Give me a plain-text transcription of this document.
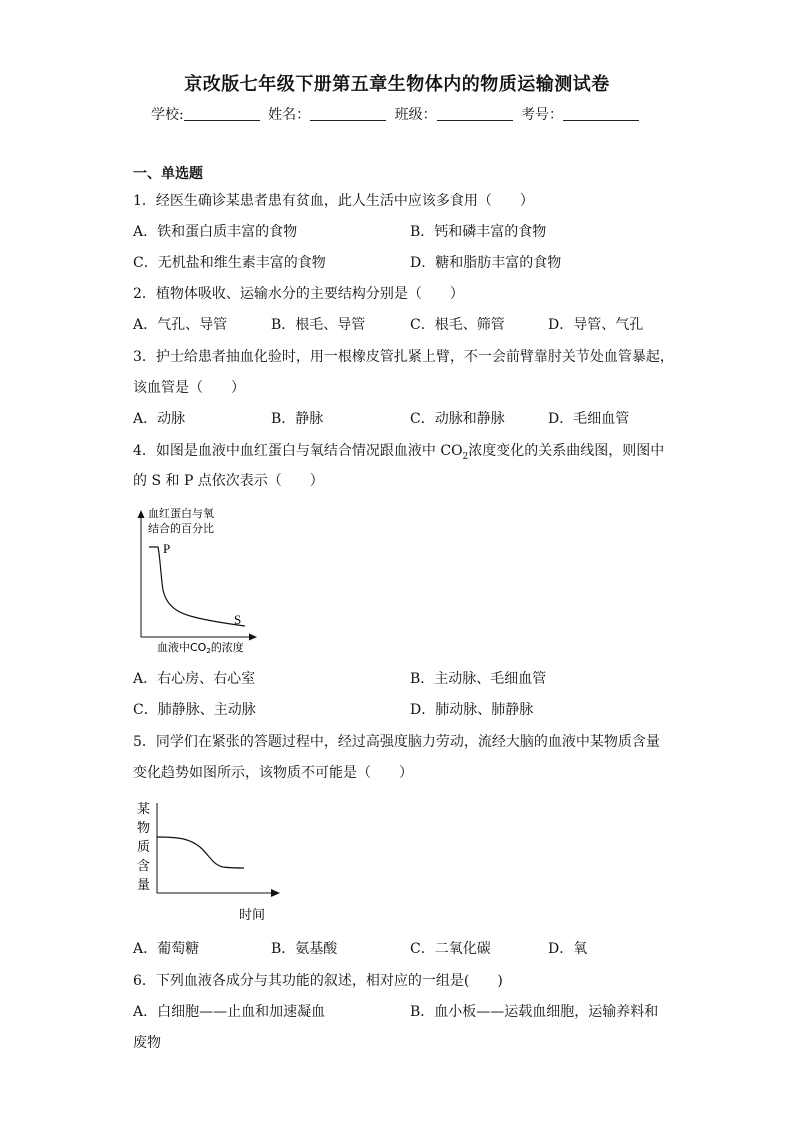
京改版七年级下册第五章生物体内的物质运输测试卷
学校:	姓名：	班级：	考号：
一、单选题
1．经医生确诊某患者患有贫血，此人生活中应该多食用（　　）
A．铁和蛋白质丰富的食物	B．钙和磷丰富的食物
C．无机盐和维生素丰富的食物	D．糖和脂肪丰富的食物
2．植物体吸收、运输水分的主要结构分别是（　　）
A．气孔、导管	B．根毛、导管	C．根毛、筛管	D．导管、气孔
3．护士给患者抽血化验时，用一根橡皮管扎紧上臂，不一会前臂靠肘关节处血管暴起，
该血管是（　　）
A．动脉	B．静脉	C．动脉和静脉	D．毛细血管
4．如图是血液中血红蛋白与氧结合情况跟血液中 $CO_2$浓度变化的关系曲线图，则图中
的 S 和 P 点依次表示（　　）
血红蛋白与氧
结合的百分比
P
S
血液中CO2的浓度
A．右心房、右心室	B．主动脉、毛细血管
C．肺静脉、主动脉	D．肺动脉、肺静脉
5．同学们在紧张的答题过程中，经过高强度脑力劳动，流经大脑的血液中某物质含量
变化趋势如图所示，该物质不可能是（　　）
某
物
质
含
量
时间
A．葡萄糖	B．氨基酸	C．二氧化碳	D．氧
6．下列血液各成分与其功能的叙述，相对应的一组是(　　)
A．白细胞——止血和加速凝血	B．血小板——运载血细胞，运输养料和
废物
